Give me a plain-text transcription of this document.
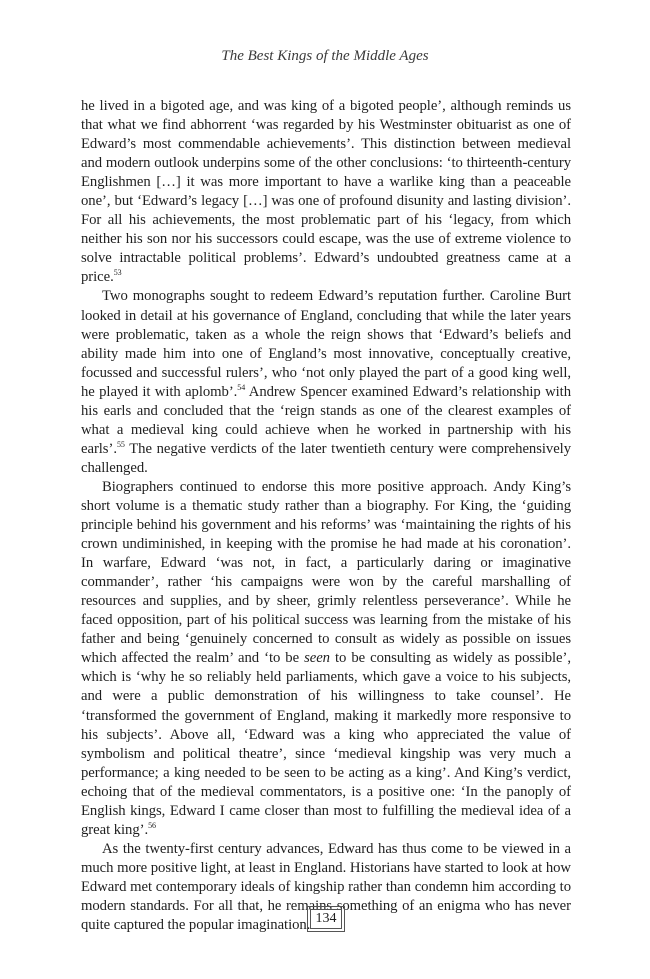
The Best Kings of the Middle Ages

he lived in a bigoted age, and was king of a bigoted people’, although reminds us that what we find abhorrent ‘was regarded by his Westminster obituarist as one of Edward’s most commendable achievements’. This distinction between medieval and modern outlook underpins some of the other conclusions: ‘to thirteenth-century Englishmen […] it was more important to have a warlike king than a peaceable one’, but ‘Edward’s legacy […] was one of profound disunity and lasting division’. For all his achievements, the most problematic part of his ‘legacy, from which neither his son nor his successors could escape, was the use of extreme violence to solve intractable political problems’. Edward’s undoubted greatness came at a price.$^{53}$

Two monographs sought to redeem Edward’s reputation further. Caroline Burt looked in detail at his governance of England, concluding that while the later years were problematic, taken as a whole the reign shows that ‘Edward’s beliefs and ability made him into one of England’s most innovative, conceptually creative, focussed and successful rulers’, who ‘not only played the part of a good king well, he played it with aplomb’.$^{54}$ Andrew Spencer examined Edward’s relationship with his earls and concluded that the ‘reign stands as one of the clearest examples of what a medieval king could achieve when he worked in partnership with his earls’.$^{55}$ The negative verdicts of the later twentieth century were comprehensively challenged.

Biographers continued to endorse this more positive approach. Andy King’s short volume is a thematic study rather than a biography. For King, the ‘guiding principle behind his government and his reforms’ was ‘maintaining the rights of his crown undiminished, in keeping with the promise he had made at his coronation’. In warfare, Edward ‘was not, in fact, a particularly daring or imaginative commander’, rather ‘his campaigns were won by the careful marshalling of resources and supplies, and by sheer, grimly relentless perseverance’. While he faced opposition, part of his political success was learning from the mistake of his father and being ‘genuinely concerned to consult as widely as possible on issues which affected the realm’ and ‘to be seen to be consulting as widely as possible’, which is ‘why he so reliably held parliaments, which gave a voice to his subjects, and were a public demonstration of his willingness to take counsel’. He ‘transformed the government of England, making it markedly more responsive to his subjects’. Above all, ‘Edward was a king who appreciated the value of symbolism and political theatre’, since ‘medieval kingship was very much a performance; a king needed to be seen to be acting as a king’. And King’s verdict, echoing that of the medieval commentators, is a positive one: ‘In the panoply of English kings, Edward I came closer than most to fulfilling the medieval idea of a great king’.$^{56}$

As the twenty-first century advances, Edward has thus come to be viewed in a much more positive light, at least in England. Historians have started to look at how Edward met contemporary ideals of kingship rather than condemn him according to modern standards. For all that, he remains something of an enigma who has never quite captured the popular imagination. 134
